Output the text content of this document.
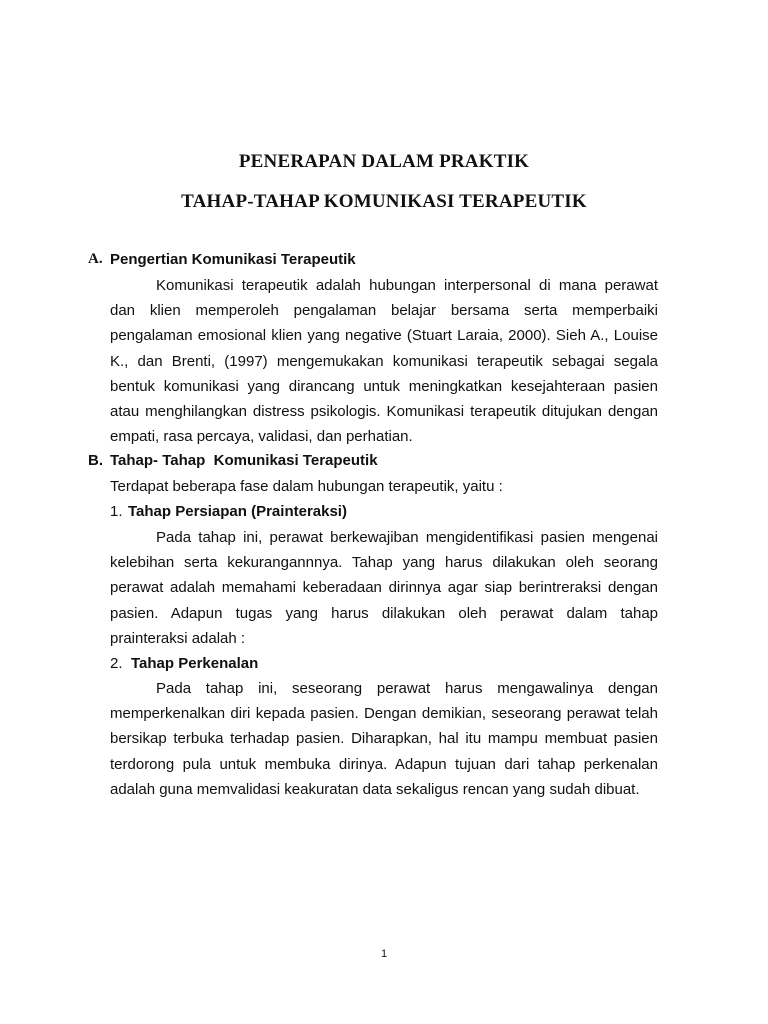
PENERAPAN DALAM PRAKTIK
TAHAP-TAHAP KOMUNIKASI TERAPEUTIK
A. Pengertian Komunikasi Terapeutik
Komunikasi terapeutik adalah hubungan interpersonal di mana perawat dan klien memperoleh pengalaman belajar bersama serta memperbaiki pengalaman emosional klien yang negative (Stuart Laraia, 2000). Sieh A., Louise K., dan Brenti, (1997) mengemukakan komunikasi terapeutik sebagai segala bentuk komunikasi yang dirancang untuk meningkatkan kesejahteraan pasien atau menghilangkan distress psikologis. Komunikasi terapeutik ditujukan dengan empati, rasa percaya, validasi, dan perhatian.
B. Tahap- Tahap  Komunikasi Terapeutik
Terdapat beberapa fase dalam hubungan terapeutik, yaitu :
1. Tahap Persiapan (Prainteraksi)
Pada tahap ini, perawat berkewajiban mengidentifikasi pasien mengenai kelebihan serta kekurangannnya. Tahap yang harus dilakukan oleh seorang perawat adalah memahami keberadaan dirinnya agar siap berintreraksi dengan pasien. Adapun tugas yang harus dilakukan oleh perawat dalam tahap prainteraksi adalah :
2. Tahap Perkenalan
Pada tahap ini, seseorang perawat harus mengawalinya dengan memperkenalkan diri kepada pasien. Dengan demikian, seseorang perawat telah bersikap terbuka terhadap pasien. Diharapkan, hal itu mampu membuat pasien terdorong pula untuk membuka dirinya. Adapun tujuan dari tahap perkenalan adalah guna memvalidasi keakuratan data sekaligus rencan yang sudah dibuat.
1
